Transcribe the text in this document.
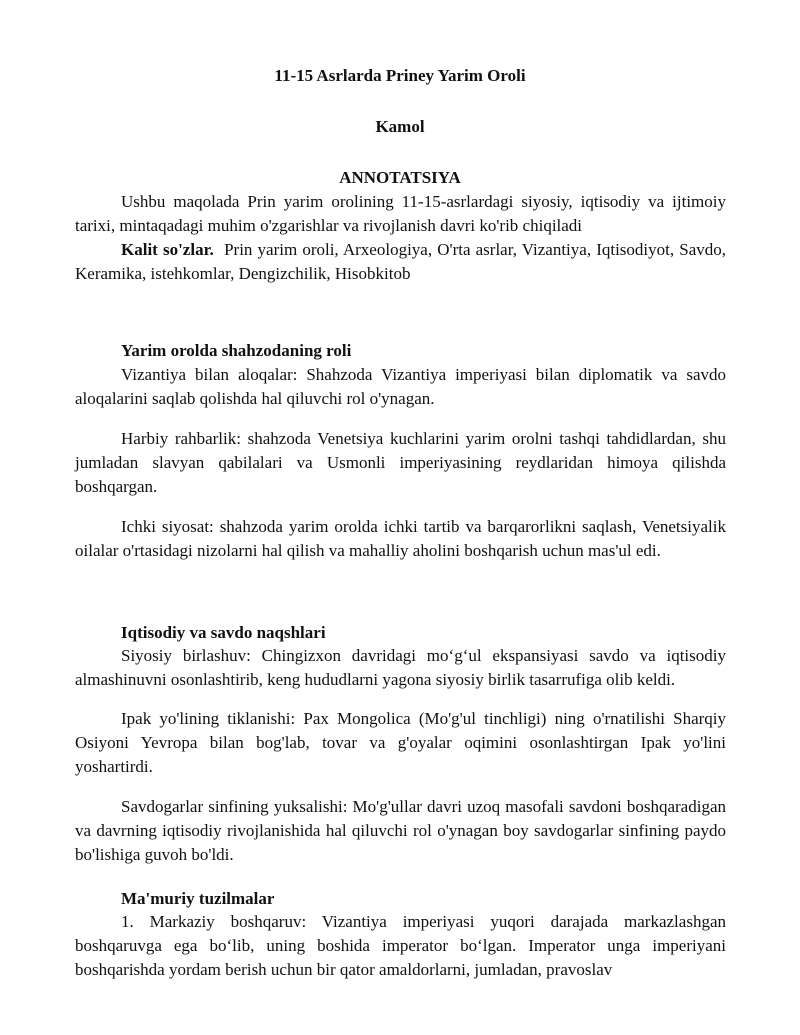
11-15 Asrlarda Priney Yarim Oroli
Kamol
ANNOTATSIYA
Ushbu maqolada Prin yarim orolining 11-15-asrlardagi siyosiy, iqtisodiy va ijtimoiy tarixi, mintaqadagi muhim o'zgarishlar va rivojlanish davri ko'rib chiqiladi
Kalit so'zlar. Prin yarim oroli, Arxeologiya, O'rta asrlar, Vizantiya, Iqtisodiyot, Savdo, Keramika, istehkomlar, Dengizchilik, Hisobkitob
Yarim orolda shahzodaning roli
Vizantiya bilan aloqalar: Shahzoda Vizantiya imperiyasi bilan diplomatik va savdo aloqalarini saqlab qolishda hal qiluvchi rol o'ynagan.
Harbiy rahbarlik: shahzoda Venetsiya kuchlarini yarim orolni tashqi tahdidlardan, shu jumladan slavyan qabilalari va Usmonli imperiyasining reydlaridan himoya qilishda boshqargan.
Ichki siyosat: shahzoda yarim orolda ichki tartib va barqarorlikni saqlash, Venetsiyalik oilalar o'rtasidagi nizolarni hal qilish va mahalliy aholini boshqarish uchun mas'ul edi.
Iqtisodiy va savdo naqshlari
Siyosiy birlashuv: Chingizxon davridagi mo‘g‘ul ekspansiyasi savdo va iqtisodiy almashinuvni osonlashtirib, keng hududlarni yagona siyosiy birlik tasarrufiga olib keldi.
Ipak yo'lining tiklanishi: Pax Mongolica (Mo'g'ul tinchligi) ning o'rnatilishi Sharqiy Osiyoni Yevropa bilan bog'lab, tovar va g'oyalar oqimini osonlashtirgan Ipak yo'lini yoshartirdi.
Savdogarlar sinfining yuksalishi: Mo'g'ullar davri uzoq masofali savdoni boshqaradigan va davrning iqtisodiy rivojlanishida hal qiluvchi rol o'ynagan boy savdogarlar sinfining paydo bo'lishiga guvoh bo'ldi.
Ma'muriy tuzilmalar
1. Markaziy boshqaruv: Vizantiya imperiyasi yuqori darajada markazlashgan boshqaruvga ega bo‘lib, uning boshida imperator bo‘lgan. Imperator unga imperiyani boshqarishda yordam berish uchun bir qator amaldorlarni, jumladan, pravoslav
